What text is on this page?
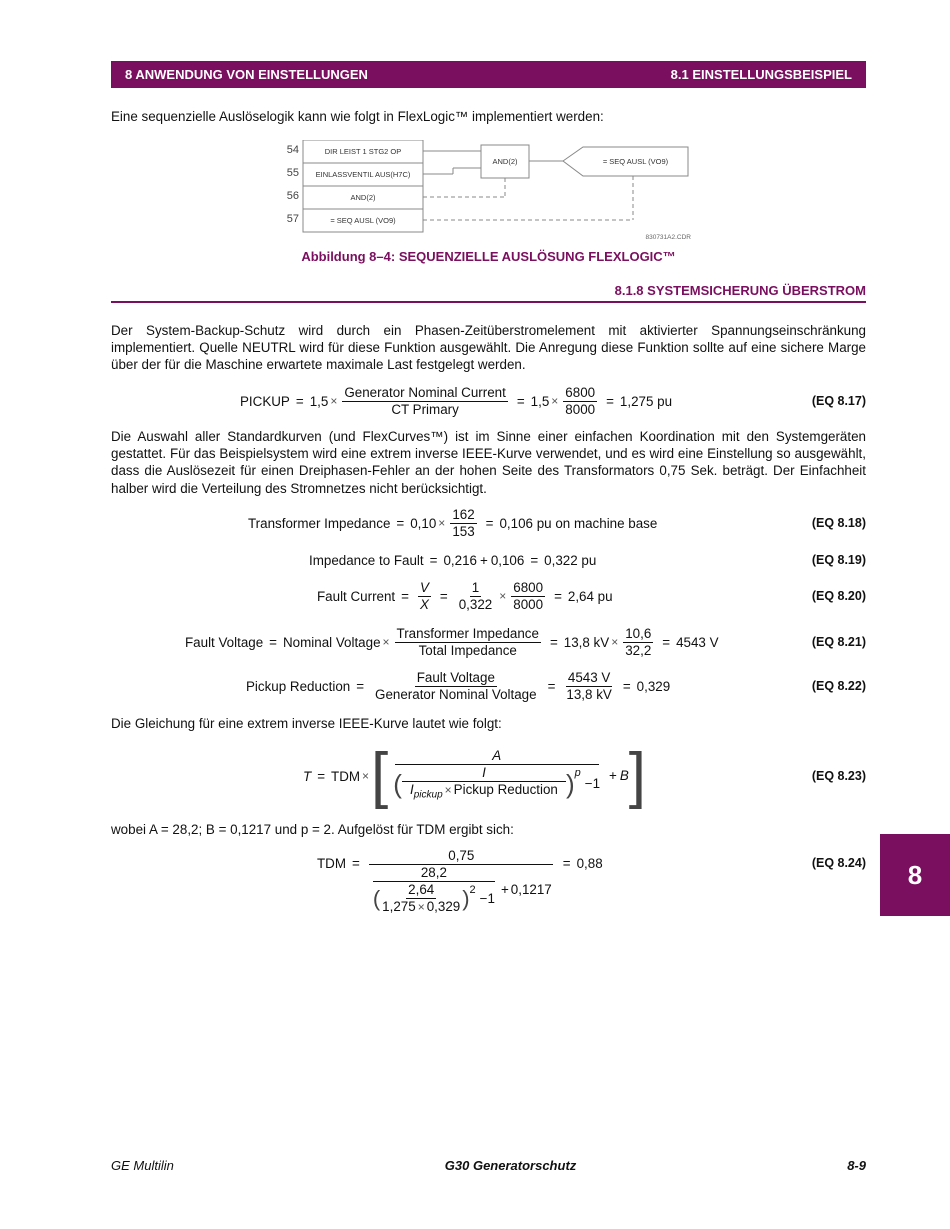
8 ANWENDUNG VON EINSTELLUNGEN	8.1 EINSTELLUNGSBEISPIEL
Eine sequenzielle Auslöselogik kann wie folgt in FlexLogic™ implementiert werden:
54
55
56
57
DIR LEIST 1 STG2 OP
EINLASSVENTIL AUS(H7C)
AND(2)
= SEQ AUSL (VO9)
AND(2)	= SEQ AUSL (VO9)
830731A2.CDR
Abbildung 8–4: SEQUENZIELLE AUSLÖSUNG FLEXLOGIC™
8.1.8 SYSTEMSICHERUNG ÜBERSTROM
Der System-Backup-Schutz wird durch ein Phasen-Zeitüberstromelement mit aktivierter Spannungseinschränkung implementiert. Quelle NEUTRL wird für diese Funktion ausgewählt. Die Anregung diese Funktion sollte auf eine sichere Marge über der für die Maschine erwartete maximale Last festgelegt werden.
PICKUP = $1,5 \times \frac{\text{Generator Nominal Current}}{\text{CT Primary}} = 1,5 \times \frac{6800}{8000} = 1,275$ pu	(EQ 8.17)
Die Auswahl aller Standardkurven (und FlexCurves™) ist im Sinne einer einfachen Koordination mit den Systemgeräten gestattet. Für das Beispielsystem wird eine extrem inverse IEEE-Kurve verwendet, und es wird eine Einstellung so ausgewählt, dass die Auslösezeit für einen Dreiphasen-Fehler an der hohen Seite des Transformators 0,75 Sek. beträgt. Der Einfachheit halber wird die Verteilung des Stromnetzes nicht berücksichtigt.
Transformer Impedance = $0,10 \times \frac{162}{153} = 0,106$ pu on machine base	(EQ 8.18)
Impedance to Fault = 0,216 + 0,106 = 0,322 pu	(EQ 8.19)
Fault Current = $\frac{V}{X} = \frac{1}{0,322} \times \frac{6800}{8000} = 2,64$ pu	(EQ 8.20)
Fault Voltage = Nominal Voltage × $\frac{\text{Transformer Impedance}}{\text{Total Impedance}} = 13,8$ kV × $\frac{10,6}{32,2} = 4543$ V	(EQ 8.21)
Pickup Reduction = $\frac{\text{Fault Voltage}}{\text{Generator Nominal Voltage}} = \frac{4543 V}{13,8 kV} = 0,329$	(EQ 8.22)
Die Gleichung für eine extrem inverse IEEE-Kurve lautet wie folgt:
T = TDM × [	A
( $\frac{I}{I_{pickup} \times Pickup Reduction} )^p$
− 1
+ B ]	(EQ 8.23)
wobei A = 28,2; B = 0,1217 und p = 2. Aufgelöst für TDM ergibt sich:
TDM =
0,75
28,2
( $\frac{2,64}{1,275 \times 0,329} )^2$
− 1
+ 0,1217
= 0,88	(EQ 8.24)	8
GE Multilin	G30 Generatorschutz	8-9
